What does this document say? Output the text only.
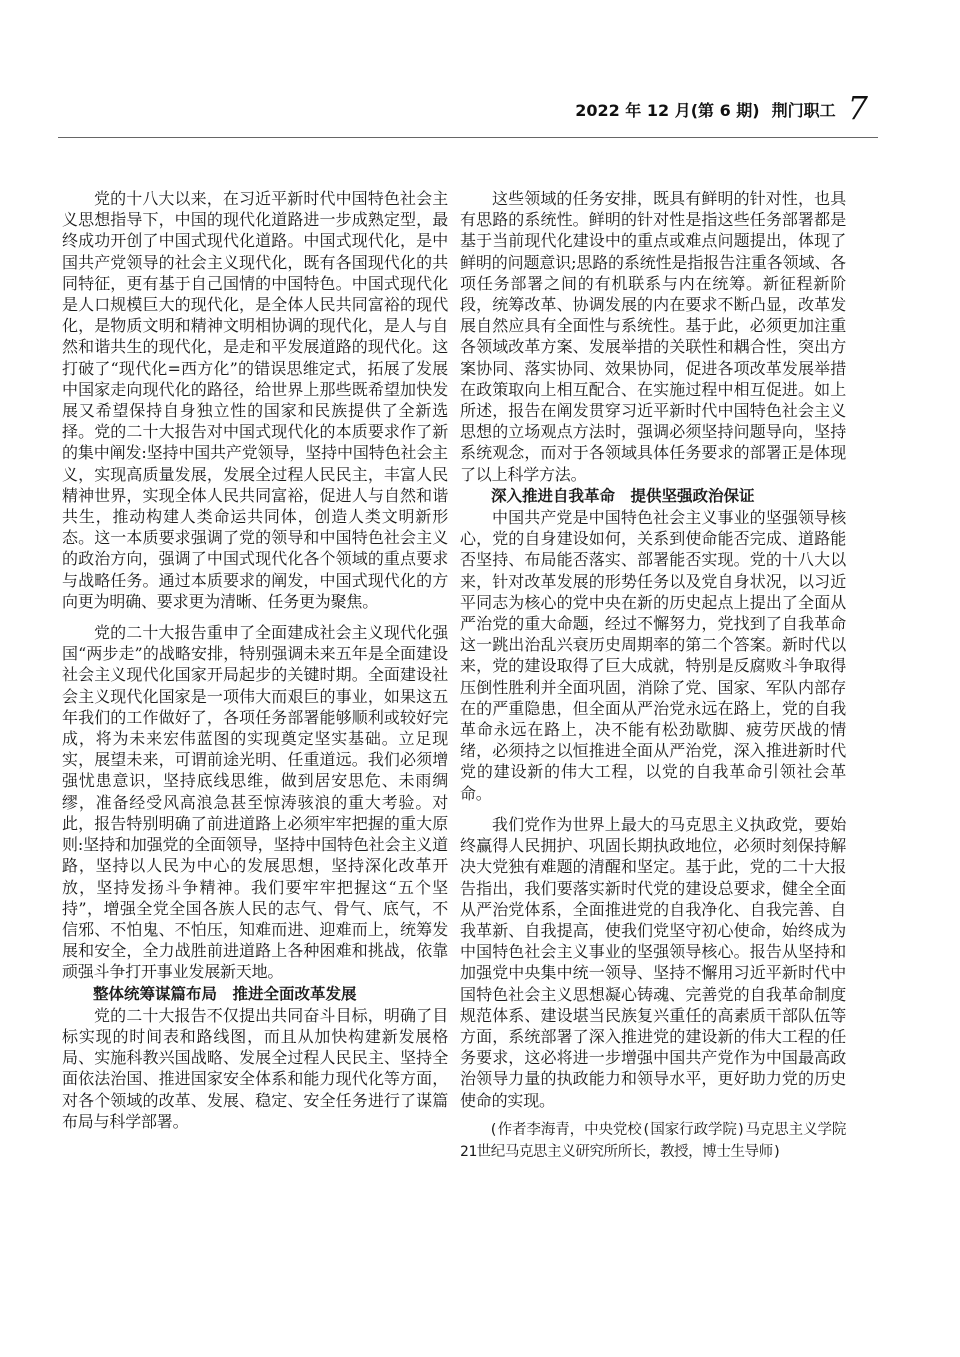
2022 年 12 月(第 6 期) 荆门职工 7

党的十八大以来，在习近平新时代中国特色社会主义思想指导下，中国的现代化道路进一步成熟定型，最终成功开创了中国式现代化道路。中国式现代化，是中国共产党领导的社会主义现代化，既有各国现代化的共同特征，更有基于自己国情的中国特色。中国式现代化是人口规模巨大的现代化，是全体人民共同富裕的现代化，是物质文明和精神文明相协调的现代化，是人与自然和谐共生的现代化，是走和平发展道路的现代化。这打破了“现代化=西方化”的错误思维定式，拓展了发展中国家走向现代化的路径，给世界上那些既希望加快发展又希望保持自身独立性的国家和民族提供了全新选择。党的二十大报告对中国式现代化的本质要求作了新的集中阐发:坚持中国共产党领导，坚持中国特色社会主义，实现高质量发展，发展全过程人民民主，丰富人民精神世界，实现全体人民共同富裕，促进人与自然和谐共生，推动构建人类命运共同体，创造人类文明新形态。这一本质要求强调了党的领导和中国特色社会主义的政治方向，强调了中国式现代化各个领域的重点要求与战略任务。通过本质要求的阐发，中国式现代化的方向更为明确、要求更为清晰、任务更为聚焦。

党的二十大报告重申了全面建成社会主义现代化强国“两步走”的战略安排，特别强调未来五年是全面建设社会主义现代化国家开局起步的关键时期。全面建设社会主义现代化国家是一项伟大而艰巨的事业，如果这五年我们的工作做好了，各项任务部署能够顺利或较好完成，将为未来宏伟蓝图的实现奠定坚实基础。立足现实，展望未来，可谓前途光明、任重道远。我们必须增强忧患意识，坚持底线思维，做到居安思危、未雨绸缪，准备经受风高浪急甚至惊涛骇浪的重大考验。对此，报告特别明确了前进道路上必须牢牢把握的重大原则:坚持和加强党的全面领导，坚持中国特色社会主义道路，坚持以人民为中心的发展思想，坚持深化改革开放，坚持发扬斗争精神。我们要牢牢把握这“五个坚持”，增强全党全国各族人民的志气、骨气、底气，不信邪、不怕鬼、不怕压，知难而进、迎难而上，统筹发展和安全，全力战胜前进道路上各种困难和挑战，依靠顽强斗争打开事业发展新天地。

整体统筹谋篇布局　推进全面改革发展

党的二十大报告不仅提出共同奋斗目标，明确了目标实现的时间表和路线图，而且从加快构建新发展格局、实施科教兴国战略、发展全过程人民民主、坚持全面依法治国、推进国家安全体系和能力现代化等方面，对各个领域的改革、发展、稳定、安全任务进行了谋篇布局与科学部署。

这些领域的任务安排，既具有鲜明的针对性，也具有思路的系统性。鲜明的针对性是指这些任务部署都是基于当前现代化建设中的重点或难点问题提出，体现了鲜明的问题意识;思路的系统性是指报告注重各领域、各项任务部署之间的有机联系与内在统筹。新征程新阶段，统筹改革、协调发展的内在要求不断凸显，改革发展自然应具有全面性与系统性。基于此，必须更加注重各领域改革方案、发展举措的关联性和耦合性，突出方案协同、落实协同、效果协同，促进各项改革发展举措在政策取向上相互配合、在实施过程中相互促进。如上所述，报告在阐发贯穿习近平新时代中国特色社会主义思想的立场观点方法时，强调必须坚持问题导向，坚持系统观念，而对于各领域具体任务要求的部署正是体现了以上科学方法。

深入推进自我革命　提供坚强政治保证

中国共产党是中国特色社会主义事业的坚强领导核心，党的自身建设如何，关系到使命能否完成、道路能否坚持、布局能否落实、部署能否实现。党的十八大以来，针对改革发展的形势任务以及党自身状况，以习近平同志为核心的党中央在新的历史起点上提出了全面从严治党的重大命题，经过不懈努力，党找到了自我革命这一跳出治乱兴衰历史周期率的第二个答案。新时代以来，党的建设取得了巨大成就，特别是反腐败斗争取得压倒性胜利并全面巩固，消除了党、国家、军队内部存在的严重隐患，但全面从严治党永远在路上，党的自我革命永远在路上，决不能有松劲歇脚、疲劳厌战的情绪，必须持之以恒推进全面从严治党，深入推进新时代党的建设新的伟大工程，以党的自我革命引领社会革命。

我们党作为世界上最大的马克思主义执政党，要始终赢得人民拥护、巩固长期执政地位，必须时刻保持解决大党独有难题的清醒和坚定。基于此，党的二十大报告指出，我们要落实新时代党的建设总要求，健全全面从严治党体系，全面推进党的自我净化、自我完善、自我革新、自我提高，使我们党坚守初心使命，始终成为中国特色社会主义事业的坚强领导核心。报告从坚持和加强党中央集中统一领导、坚持不懈用习近平新时代中国特色社会主义思想凝心铸魂、完善党的自我革命制度规范体系、建设堪当民族复兴重任的高素质干部队伍等方面，系统部署了深入推进党的建设新的伟大工程的任务要求，这必将进一步增强中国共产党作为中国最高政治领导力量的执政能力和领导水平，更好助力党的历史使命的实现。

(作者李海青，中央党校(国家行政学院)马克思主义学院21世纪马克思主义研究所所长，教授，博士生导师)
